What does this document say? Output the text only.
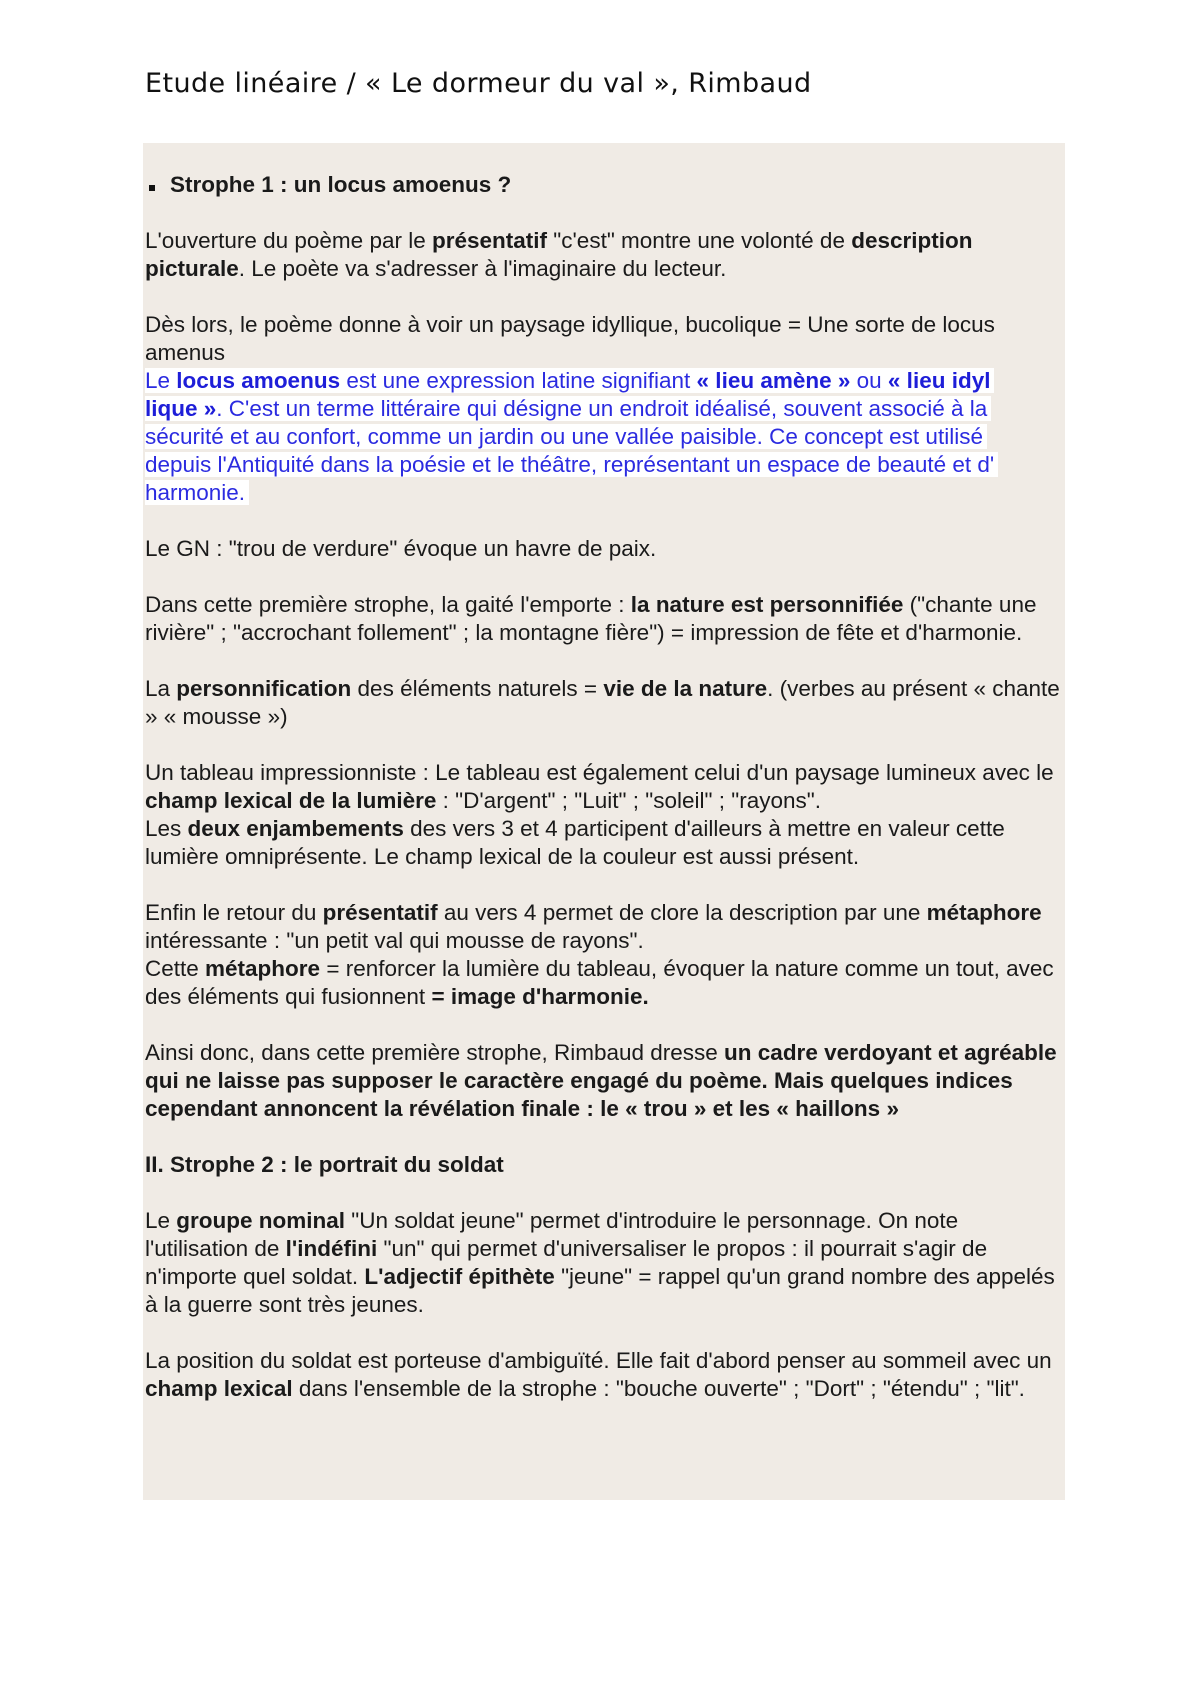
Etude linéaire / « Le dormeur du val », Rimbaud

Strophe 1 : un locus amoenus ?

L'ouverture du poème par le présentatif "c'est" montre une volonté de description picturale. Le poète va s'adresser à l'imaginaire du lecteur.

Dès lors, le poème donne à voir un paysage idyllique, bucolique = Une sorte de locus amenus

Le locus amoenus est une expression latine signifiant « lieu amène » ou « lieu idyl
lique ». C'est un terme littéraire qui désigne un endroit idéalisé, souvent associé à la
sécurité et au confort, comme un jardin ou une vallée paisible. Ce concept est utilisé
depuis l'Antiquité dans la poésie et le théâtre, représentant un espace de beauté et d'
harmonie.

Le GN : "trou de verdure" évoque un havre de paix.

Dans cette première strophe, la gaité l'emporte : la nature est personnifiée ("chante une rivière" ; "accrochant follement" ; la montagne fière") = impression de fête et d'harmonie.

La personnification des éléments naturels = vie de la nature. (verbes au présent « chante » « mousse »)

Un tableau impressionniste : Le tableau est également celui d'un paysage lumineux avec le champ lexical de la lumière : "D'argent" ; "Luit" ; "soleil" ; "rayons".
Les deux enjambements des vers 3 et 4 participent d'ailleurs à mettre en valeur cette lumière omniprésente. Le champ lexical de la couleur est aussi présent.

Enfin le retour du présentatif au vers 4 permet de clore la description par une métaphore intéressante : "un petit val qui mousse de rayons".
Cette métaphore = renforcer la lumière du tableau, évoquer la nature comme un tout, avec des éléments qui fusionnent = image d'harmonie.

Ainsi donc, dans cette première strophe, Rimbaud dresse un cadre verdoyant et agréable qui ne laisse pas supposer le caractère engagé du poème. Mais quelques indices cependant annoncent la révélation finale : le « trou » et les « haillons »

II. Strophe 2 : le portrait du soldat

Le groupe nominal "Un soldat jeune" permet d'introduire le personnage. On note l'utilisation de l'indéfini "un" qui permet d'universaliser le propos : il pourrait s'agir de n'importe quel soldat. L'adjectif épithète "jeune" = rappel qu'un grand nombre des appelés à la guerre sont très jeunes.

La position du soldat est porteuse d'ambiguïté. Elle fait d'abord penser au sommeil avec un champ lexical dans l'ensemble de la strophe : "bouche ouverte" ; "Dort" ; "étendu" ; "lit".
